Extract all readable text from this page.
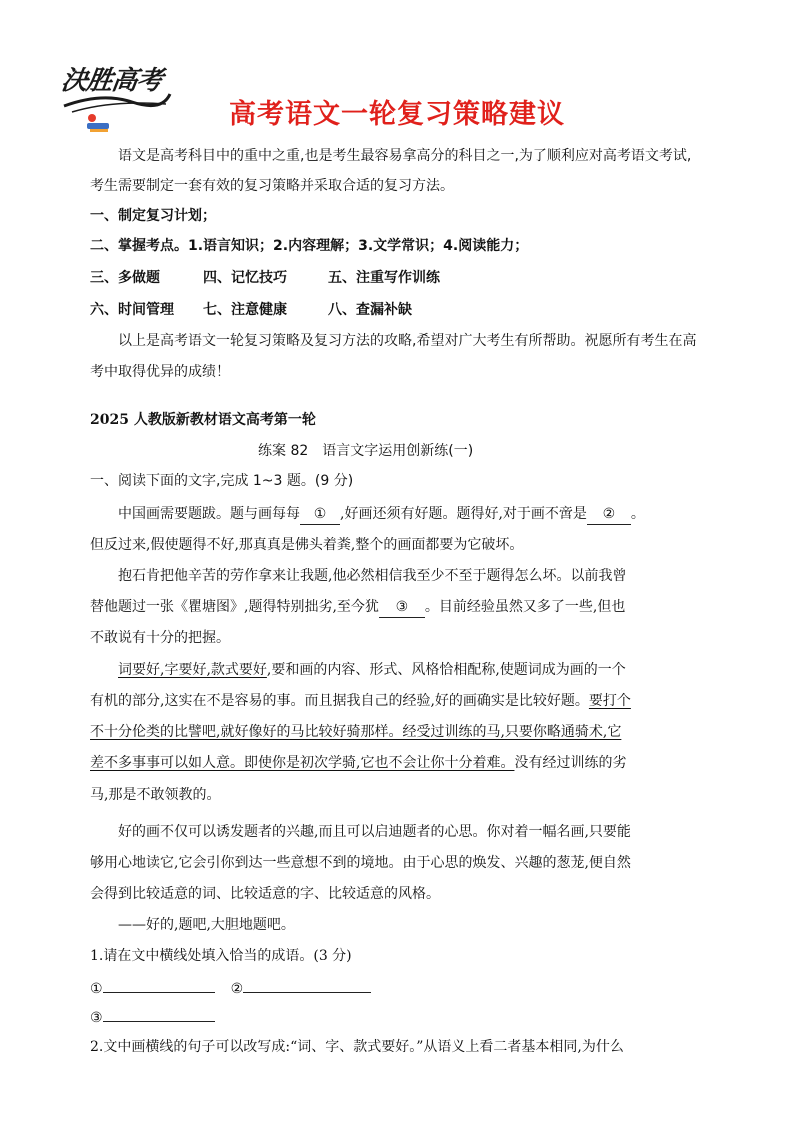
決胜高考
高考语文一轮复习策略建议
语文是高考科目中的重中之重,也是考生最容易拿高分的科目之一,为了顺利应对高考语文考试,
考生需要制定一套有效的复习策略并采取合适的复习方法。
一、制定复习计划；
二、掌握考点。1.语言知识；2.内容理解；3.文学常识；4.阅读能力；
三、多做题	四、记忆技巧	五、注重写作训练
六、时间管理 七、注意健康	八、查漏补缺
以上是高考语文一轮复习策略及复习方法的攻略,希望对广大考生有所帮助。祝愿所有考生在高
考中取得优异的成绩！
2025 人教版新教材语文高考第一轮
练案 82　语言文字运用创新练(一)
一、阅读下面的文字,完成 1~3 题。(9 分)
中国画需要题跋。题与画每每 ① ,好画还须有好题。题得好,对于画不啻是 ② 。
但反过来,假使题得不好,那真真是佛头着粪,整个的画面都要为它破坏。
抱石肯把他辛苦的劳作拿来让我题,他必然相信我至少不至于题得怎么坏。以前我曾
替他题过一张《瞿塘图》,题得特别拙劣,至今犹 ③ 。目前经验虽然又多了一些,但也
不敢说有十分的把握。
词要好,字要好,款式要好,要和画的内容、形式、风格恰相配称,使题词成为画的一个
有机的部分,这实在不是容易的事。而且据我自己的经验,好的画确实是比较好题。要打个
不十分伦类的比譬吧,就好像好的马比较好骑那样。经受过训练的马,只要你略通骑术,它
差不多事事可以如人意。即使你是初次学骑,它也不会让你十分着难。没有经过训练的劣
马,那是不敢领教的。
好的画不仅可以诱发题者的兴趣,而且可以启迪题者的心思。你对着一幅名画,只要能
够用心地读它,它会引你到达一些意想不到的境地。由于心思的焕发、兴趣的葱茏,便自然
会得到比较适意的词、比较适意的字、比较适意的风格。
——好的,题吧,大胆地题吧。
1.请在文中横线处填入恰当的成语。(3 分)
①	②
③
2.文中画横线的句子可以改写成:“词、字、款式要好。”从语义上看二者基本相同,为什么
